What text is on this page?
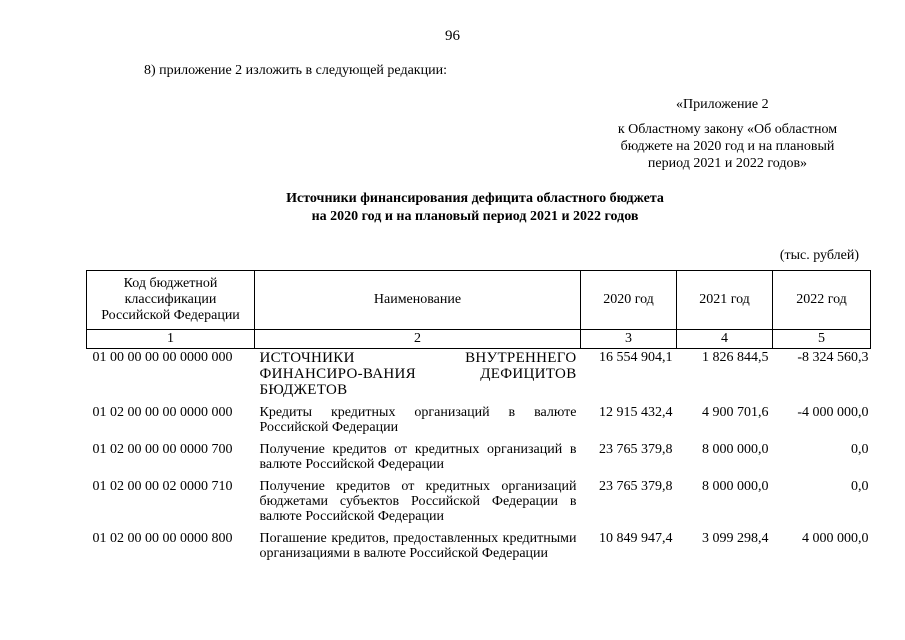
96
8) приложение 2 изложить в следующей редакции:
«Приложение 2
к Областному закону «Об областном
бюджете на 2020 год и на плановый
период 2021 и 2022 годов»
Источники финансирования дефицита областного бюджета
на 2020 год и на плановый период 2021 и 2022 годов
(тыс. рублей)
Код бюджетной
классификации
Российской Федерации	Наименование	2020 год	2021 год	2022 год
1	2	3	4	5
01 00 00 00 00 0000 000	ИСТОЧНИКИ ВНУТРЕННЕГО ФИНАНСИРО-ВАНИЯ ДЕФИЦИТОВ БЮДЖЕТОВ	16 554 904,1	1 826 844,5	-8 324 560,3
01 02 00 00 00 0000 000	Кредиты кредитных организаций в валюте Российской Федерации	12 915 432,4	4 900 701,6	-4 000 000,0
01 02 00 00 00 0000 700	Получение кредитов от кредитных организаций в валюте Российской Федерации	23 765 379,8	8 000 000,0	0,0
01 02 00 00 02 0000 710	Получение кредитов от кредитных организаций бюджетами субъектов Российской Федерации в валюте Российской Федерации	23 765 379,8	8 000 000,0	0,0
01 02 00 00 00 0000 800	Погашение кредитов, предоставленных кредитными организациями в валюте Российской Федерации	10 849 947,4	3 099 298,4	4 000 000,0
